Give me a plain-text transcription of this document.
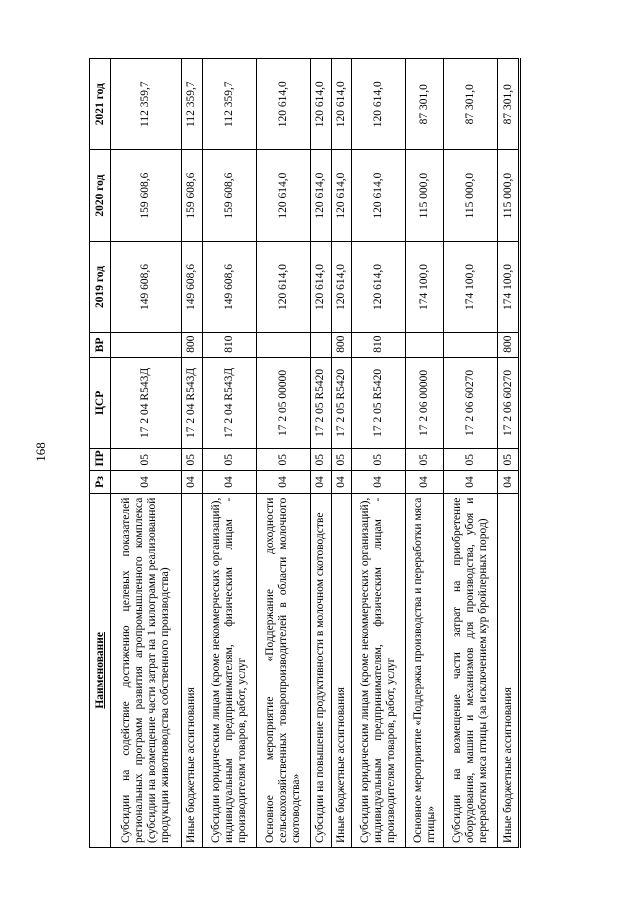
168
Наименование	Рз	ПР	ЦСР	ВР	2019 год	2020 год	2021 год
Субсидии на содействие достижению целевых показателей региональных программ развития агропромышленного комплекса (субсидии на возмещение части затрат на 1 килограмм реализованной продукции животноводства собственного производства)	04	05	17 2 04 R543Д		149 608,6	159 608,6	112 359,7
Иные бюджетные ассигнования	04	05	17 2 04 R543Д	800	149 608,6	159 608,6	112 359,7
Субсидии юридическим лицам (кроме некоммерческих организаций), индивидуальным предпринимателям, физическим лицам - производителям товаров, работ, услуг	04	05	17 2 04 R543Д	810	149 608,6	159 608,6	112 359,7
Основное мероприятие «Поддержание доходности сельскохозяйственных товаропроизводителей в области молочного скотоводства»	04	05	17 2 05 00000		120 614,0	120 614,0	120 614,0
Субсидии на повышение продуктивности в молочном скотоводстве	04	05	17 2 05 R5420		120 614,0	120 614,0	120 614,0
Иные бюджетные ассигнования	04	05	17 2 05 R5420	800	120 614,0	120 614,0	120 614,0
Субсидии юридическим лицам (кроме некоммерческих организаций), индивидуальным предпринимателям, физическим лицам - производителям товаров, работ, услуг	04	05	17 2 05 R5420	810	120 614,0	120 614,0	120 614,0
Основное мероприятие «Поддержка производства и переработки мяса птицы»	04	05	17 2 06 00000		174 100,0	115 000,0	87 301,0
Субсидии на возмещение части затрат на приобретение оборудования, машин и механизмов для производства, убоя и переработки мяса птицы (за исключением кур бройлерных пород)	04	05	17 2 06 60270		174 100,0	115 000,0	87 301,0
Иные бюджетные ассигнования	04	05	17 2 06 60270	800	174 100,0	115 000,0	87 301,0
